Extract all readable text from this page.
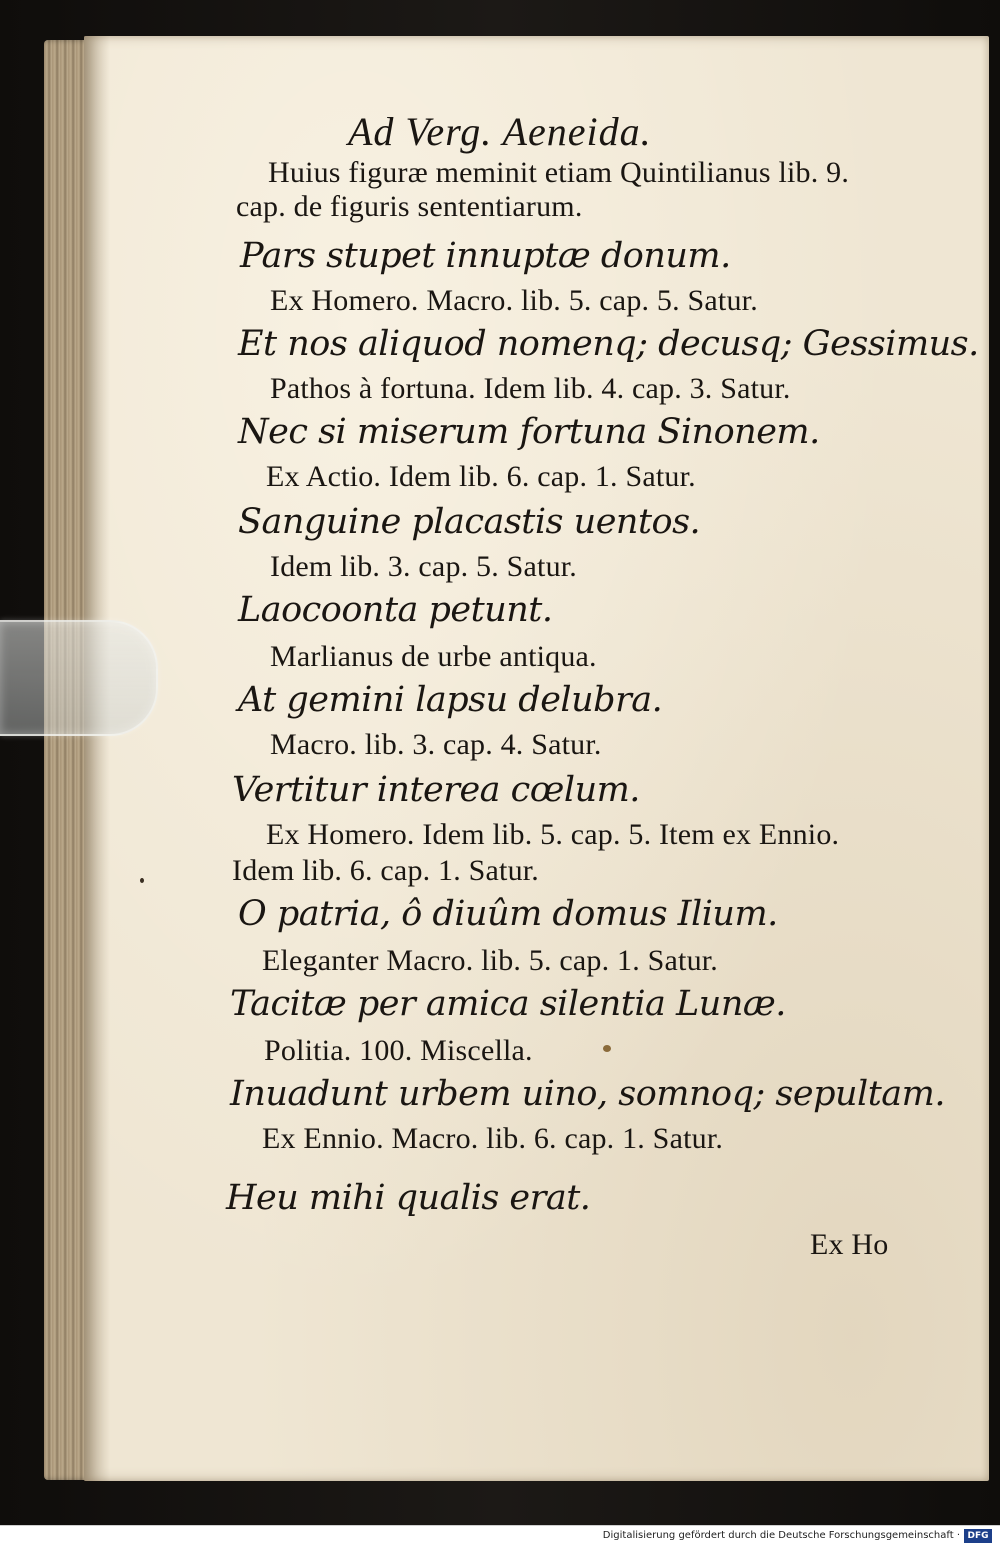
Ad Verg. Aeneida.
Huius figuræ meminit etiam Quintilianus lib. 9.
cap. de figuris sententiarum.
Pars stupet innuptæ donum.
Ex Homero. Macro. lib. 5. cap. 5. Satur.
Et nos aliquod nomenq; decusq; Gessimus.
Pathos à fortuna. Idem lib. 4. cap. 3. Satur.
Nec si miserum fortuna Sinonem.
Ex Actio. Idem lib. 6. cap. 1. Satur.
Sanguine placastis uentos.
Idem lib. 3. cap. 5. Satur.
Laocoonta petunt.
Marlianus de urbe antiqua.
At gemini lapsu delubra.
Macro. lib. 3. cap. 4. Satur.
Vertitur interea cœlum.
Ex Homero. Idem lib. 5. cap. 5. Item ex Ennio.
Idem lib. 6. cap. 1. Satur.
O patria, ô diuûm domus Ilium.
Eleganter Macro. lib. 5. cap. 1. Satur.
Tacitæ per amica silentia Lunæ.
Politia. 100. Miscella.
Inuadunt urbem uino, somnoq; sepultam.
Ex Ennio. Macro. lib. 6. cap. 1. Satur.
Heu mihi qualis erat.
Ex Ho
Digitalisierung gefördert durch die Deutsche Forschungsgemeinschaft · DFG
